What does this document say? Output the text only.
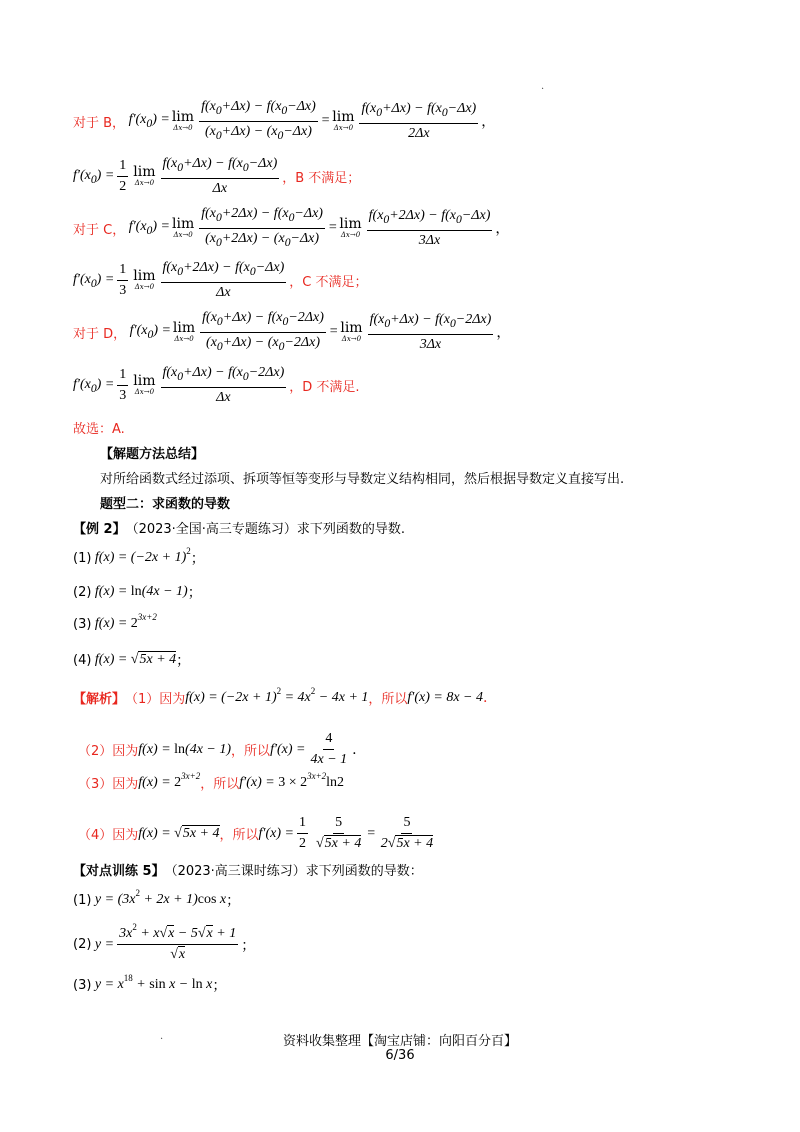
对于 B， $f'(x_0) = \lim$
$\Delta x\to 0 \frac{f(x_0+\Delta x) - f(x_0-\Delta x)}{(x_0+\Delta x) - (x_0-\Delta x)} = \lim$
$\Delta x\to 0 \frac{f(x_0+\Delta x) - f(x_0-\Delta x)}{2\Delta x}$ ，
$f'(x_0) = \frac{1}{2}$ lim
$\Delta x\to 0 \frac{f(x_0+\Delta x) - f(x_0-\Delta x)}{\Delta x}$ ，B 不满足；
对于 C， $f'(x_0) = \lim$
$\Delta x\to 0 \frac{f(x_0+2\Delta x) - f(x_0-\Delta x)}{(x_0+2\Delta x) - (x_0-\Delta x)} = \lim$
$\Delta x\to 0 \frac{f(x_0+2\Delta x) - f(x_0-\Delta x)}{3\Delta x}$ ，
$f'(x_0) = \frac{1}{3}$ lim
$\Delta x\to 0 \frac{f(x_0+2\Delta x) - f(x_0-\Delta x)}{\Delta x}$ ，C 不满足；
对于 D， $f'(x_0) = \lim$
$\Delta x\to 0 \frac{f(x_0+\Delta x) - f(x_0-2\Delta x)}{(x_0+\Delta x) - (x_0-2\Delta x)} = \lim$
$\Delta x\to 0 \frac{f(x_0+\Delta x) - f(x_0-2\Delta x)}{3\Delta x}$ ，
$f'(x_0) = \frac{1}{3}$ lim
$\Delta x\to 0 \frac{f(x_0+\Delta x) - f(x_0-2\Delta x)}{\Delta x}$ ，D 不满足.
故选：A.
【解题方法总结】
对所给函数式经过添项、拆项等恒等变形与导数定义结构相同，然后根据导数定义直接写出.
题型二：求函数的导数
【例 2】 （2023·全国·高三专题练习）求下列函数的导数.
(1) $f(x) = (-2x + 1)^2$ ；
(2) f(x) = ln(4x − 1) ；
(3) $f(x) = 2^{3x+2}$
(4) f(x) = √5x + 4 ；
【解析】 （1）因为 $f(x) = (-2x + 1)^2 = 4x^2 - 4x + 1$ ，所以 f′(x) = 8x − 4 .
（2）因为 f(x) = ln(4x − 1) ，所以 $f'(x) = \frac{4}{4x - 1}$ .
（3）因为 $f(x) = 2^{3x+2}$
，所以 $f'(x) = 3 \times 2^{3x+2}\ln 2$
（4）因为 f(x) = √5x + 4 ，所以 $f'(x) = \frac{1}{2} \frac{5}{√5x + 4} = \frac{5}{2√5x + 4}$
【对点训练 5】 （2023·高三课时练习）求下列函数的导数：
(1) $y = (3x^2 + 2x + 1)\cos$ x ；
(2) $y = \frac{3x^2 + x√x - 5√x + 1}{√x}$ ；
(3) $y = x^{18} + \sin x - \ln x$ ；
资料收集整理【淘宝店铺：向阳百分百】
6/36
·
·
